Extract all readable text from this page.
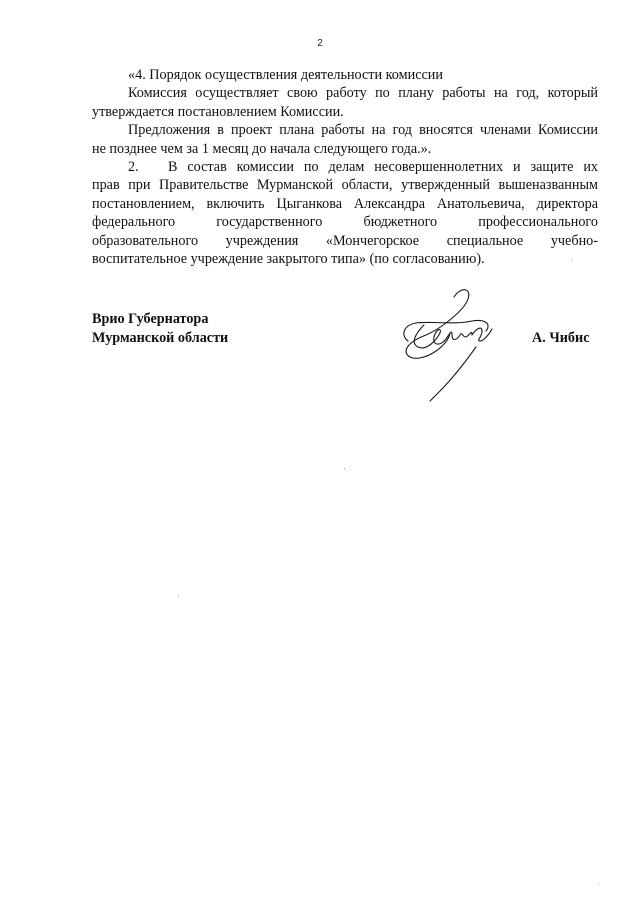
2
«4. Порядок осуществления деятельности комиссии
Комиссия осуществляет свою работу по плану работы на год, который
утверждается постановлением Комиссии.
Предложения в проект плана работы на год вносятся членами Комиссии
не позднее чем за 1 месяц до начала следующего года.».
2. В состав комиссии по делам несовершеннолетних и защите их
прав при Правительстве Мурманской области, утвержденный вышеназванным
постановлением, включить Цыганкова Александра Анатольевича, директора
федерального государственного бюджетного профессионального
образовательного учреждения «Мончегорское специальное учебно-
воспитательное учреждение закрытого типа» (по согласованию).
Врио Губернатора
Мурманской области	А. Чибис
